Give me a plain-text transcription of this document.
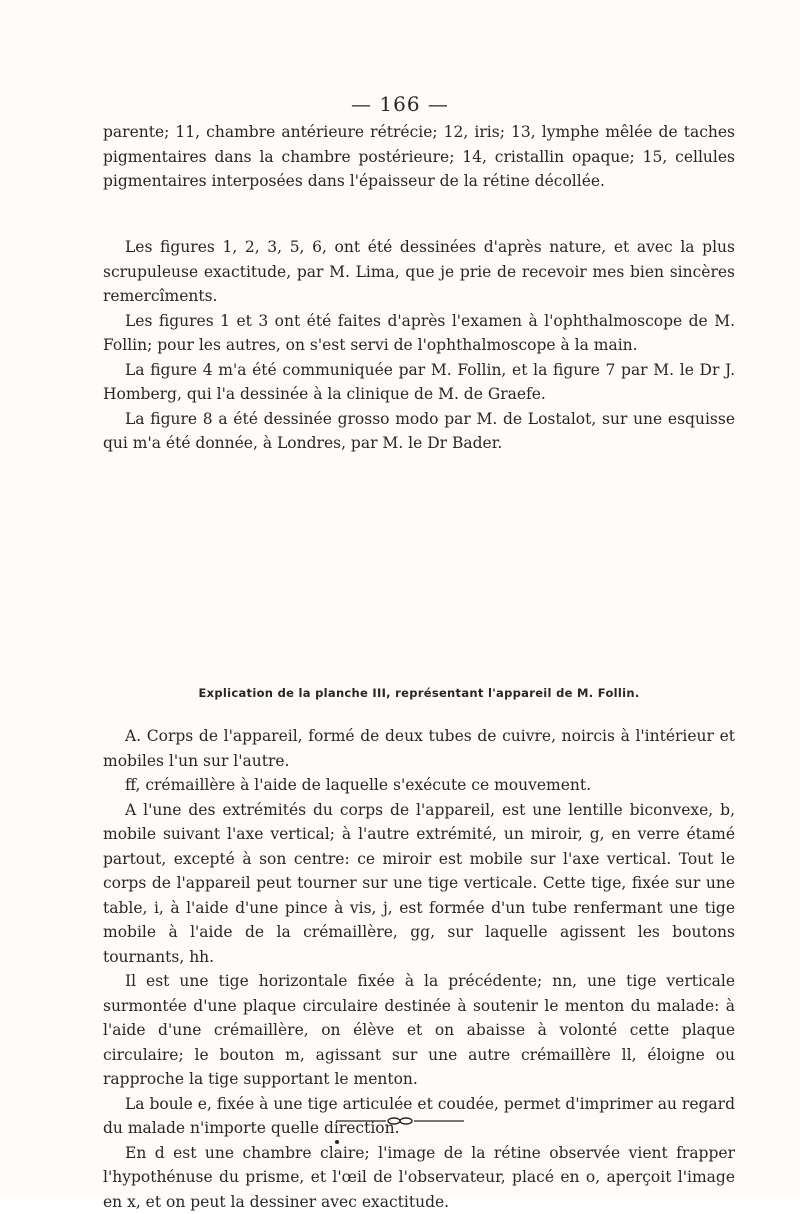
— 166 —

parente; 11, chambre antérieure rétrécie; 12, iris; 13, lymphe mêlée de taches pigmentaires dans la chambre postérieure; 14, cristallin opaque; 15, cellules pigmentaires interposées dans l'épaisseur de la rétine décollée.

Les figures 1, 2, 3, 5, 6, ont été dessinées d'après nature, et avec la plus scrupuleuse exactitude, par M. Lima, que je prie de recevoir mes bien sincères remercîments.

Les figures 1 et 3 ont été faites d'après l'examen à l'ophthalmoscope de M. Follin; pour les autres, on s'est servi de l'ophthalmoscope à la main.

La figure 4 m'a été communiquée par M. Follin, et la figure 7 par M. le Dr J. Homberg, qui l'a dessinée à la clinique de M. de Graefe.

La figure 8 a été dessinée grosso modo par M. de Lostalot, sur une esquisse qui m'a été donnée, à Londres, par M. le Dr Bader.

Explication de la planche III, représentant l'appareil de M. Follin.

A. Corps de l'appareil, formé de deux tubes de cuivre, noircis à l'intérieur et mobiles l'un sur l'autre.

ff, crémaillère à l'aide de laquelle s'exécute ce mouvement.

A l'une des extrémités du corps de l'appareil, est une lentille biconvexe, b, mobile suivant l'axe vertical; à l'autre extrémité, un miroir, g, en verre étamé partout, excepté à son centre: ce miroir est mobile sur l'axe vertical. Tout le corps de l'appareil peut tourner sur une tige verticale. Cette tige, fixée sur une table, i, à l'aide d'une pince à vis, j, est formée d'un tube renfermant une tige mobile à l'aide de la crémaillère, gg, sur laquelle agissent les boutons tournants, hh.

Il est une tige horizontale fixée à la précédente; nn, une tige verticale surmontée d'une plaque circulaire destinée à soutenir le menton du malade: à l'aide d'une crémaillère, on élève et on abaisse à volonté cette plaque circulaire; le bouton m, agissant sur une autre crémaillère ll, éloigne ou rapproche la tige supportant le menton.

La boule e, fixée à une tige articulée et coudée, permet d'imprimer au regard du malade n'importe quelle direction.

En d est une chambre claire; l'image de la rétine observée vient frapper l'hypothénuse du prisme, et l'œil de l'observateur, placé en o, aperçoit l'image en x, et on peut la dessiner avec exactitude.
